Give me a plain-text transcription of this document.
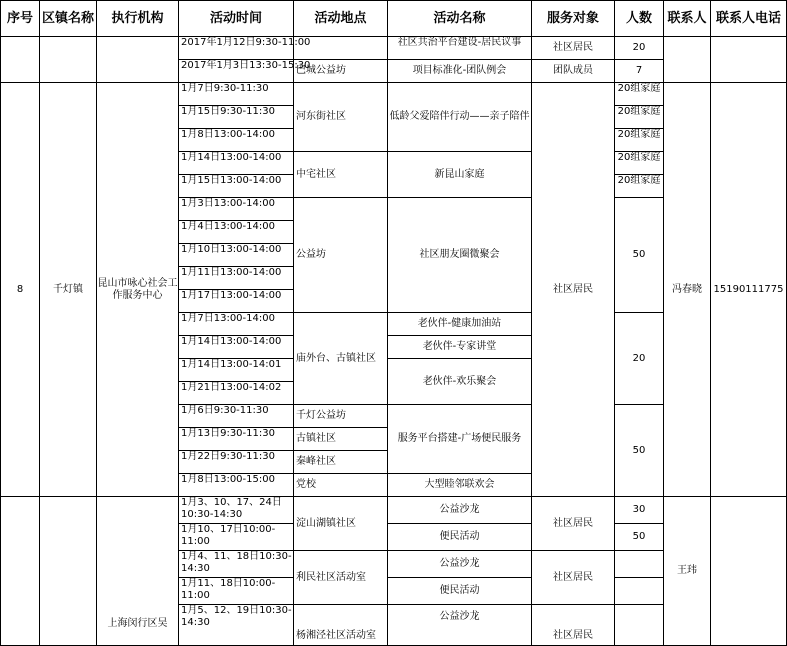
序号	区镇名称	执行机构	活动时间	活动地点	活动名称	服务对象	人数	联系人	联系人电话
			2017年1月12日9:30-11:00		社区共治平台建设-居民议事	社区居民	20		

			2017年1月3日13:30-15:30	巴城公益坊	项目标准化-团队例会	团队成员	7		
8	千灯镇	昆山市咏心社会工作服务中心	1月7日9:30-11:30	河东街社区	低龄父爱陪伴行动——亲子陪伴	社区居民	20组家庭	冯春晓	15190111775
			1月15日9:30-11:30				20组家庭		

			1月8日13:00-14:00				20组家庭		

			1月14日13:00-14:00	中宅社区	新昆山家庭		20组家庭		

			1月15日13:00-14:00				20组家庭		

			1月3日13:00-14:00	公益坊	社区朋友圈微聚会		50		
			1月4日13:00-14:00						
			1月10日13:00-14:00						
			1月11日13:00-14:00						
			1月17日13:00-14:00						
			1月7日13:00-14:00	庙外台、古镇社区	老伙伴-健康加油站		20		
			1月14日13:00-14:00		老伙伴-专家讲堂				
			1月14日13:00-14:01		老伙伴-欢乐聚会				
			1月21日13:00-14:02						
			1月6日9:30-11:30	千灯公益坊	服务平台搭建-广场便民服务		50		
			1月13日9:30-11:30	古镇社区					
			1月22日9:30-11:30	秦峰社区					
			1月8日13:00-15:00	党校	大型睦邻联欢会				

		上海闵行区吴	1月3、10、17、24日10:30-14:30	淀山湖镇社区	公益沙龙	社区居民	30	王玮	

			1月10、17日10:00-11:00		便民活动		50		

			1月4、11、18日10:30-14:30	利民社区活动室	公益沙龙	社区居民			

			1月11、18日10:00-11:00		便民活动				

			1月5、12、19日10:30-14:30	杨湘泾社区活动室	公益沙龙	社区居民			
